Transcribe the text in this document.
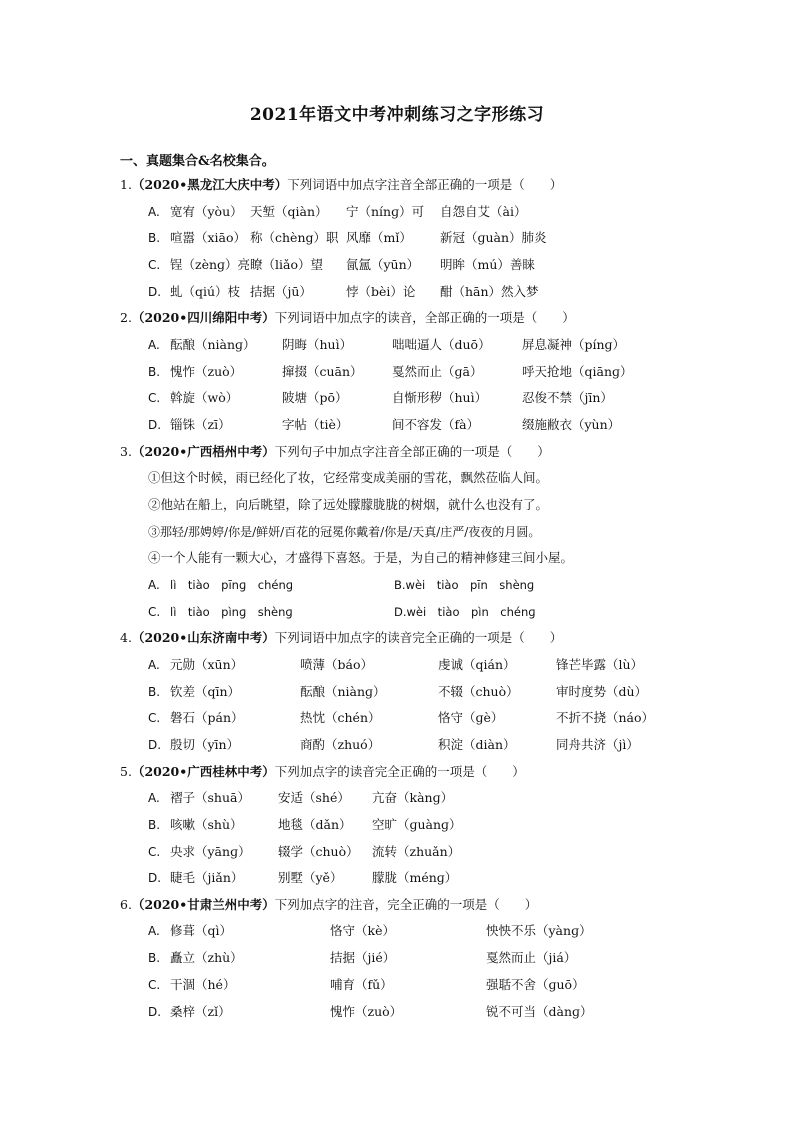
2021年语文中考冲刺练习之字形练习
一、真题集合&名校集合。
1.（2020•黑龙江大庆中考）下列词语中加点字注音全部正确的一项是（　　）
A. 宽宥（yòu） 天堑（qiàn）	宁（nínɡ）可	自怨自艾（ài）
B. 喧嚣（xiāo） 称（chèng）职 风靡（mǐ）	新冠（ɡuàn）肺炎
C. 锃（zènɡ）亮 瞭（liǎo）望	氤氲（yūn）	明眸（mú）善睐
D. 虬（qiú）枝 拮据（jū）	悖（bèi）论	酣（hān）然入梦
2.（2020•四川绵阳中考）下列词语中加点字的读音，全部正确的一项是（　　）
A. 酝酿（niànɡ）	阴晦（huì）	咄咄逼人（duō）	屏息凝神（pínɡ）
B. 愧怍（zuò）	撺掇（cuān）	戛然而止（ɡā）	呼天抢地（qiānɡ）
C. 斡旋（wò）	陂塘（pō）	自惭形秽（huì）	忍俊不禁（jīn）
D. 锱铢（zī）	字帖（tiè）	间不容发（fà）	缀施敝衣（yùn）
3.（2020•广西梧州中考）下列句子中加点字注音全部正确的一项是（　　）
①但这个时候，雨已经化了妆，它经常变成美丽的雪花，飘然莅临人间。
②他站在船上，向后眺望，除了远处朦朦胧胧的树烟，就什么也没有了。
③那轻/那娉婷/你是/鲜妍/百花的冠冕你戴着/你是/天真/庄严/夜夜的月圆。
④一个人能有一颗大心，才盛得下喜怒。于是，为自己的精神修建三间小屋。
A. lì　tiào　pīnɡ　chénɡ	B.wèi　tiào　pīn　shènɡ
C. lì　tiào　pìnɡ　shènɡ	D.wèi　tiào　pìn　chénɡ
4.（2020•山东济南中考）下列词语中加点字的读音完全正确的一项是（　　）
A. 元勋（xūn）	喷薄（báo）	虔诚（qián）	锋芒毕露（lù）
B. 钦差（qīn）	酝酿（niànɡ）	不辍（chuò）	审时度势（dù）
C. 磐石（pán）	热忱（chén）	恪守（ɡè）	不折不挠（náo）
D. 殷切（yīn）	商酌（zhuó）	积淀（diàn）	同舟共济（jì）
5.（2020•广西桂林中考）下列加点字的读音完全正确的一项是（　　）
A. 褶子（shuā）	安适（shé）	亢奋（kànɡ）
B. 咳嗽（shù）	地毯（dǎn）	空旷（ɡuànɡ）
C. 央求（yānɡ）	辍学（chuò）	流转（zhuǎn）
D. 睫毛（jiǎn）	别墅（yě）	朦胧（ménɡ）
6.（2020•甘肃兰州中考）下列加点字的注音，完全正确的一项是（　　）
A. 修葺（qì）	恪守（kè）	怏怏不乐（yànɡ）
B. 矗立（zhù）	拮据（jié）	戛然而止（jiá）
C. 干涸（hé）	哺育（fǔ）	强聒不舍（ɡuō）
D. 桑梓（zǐ）	愧怍（zuò）	锐不可当（dànɡ）
